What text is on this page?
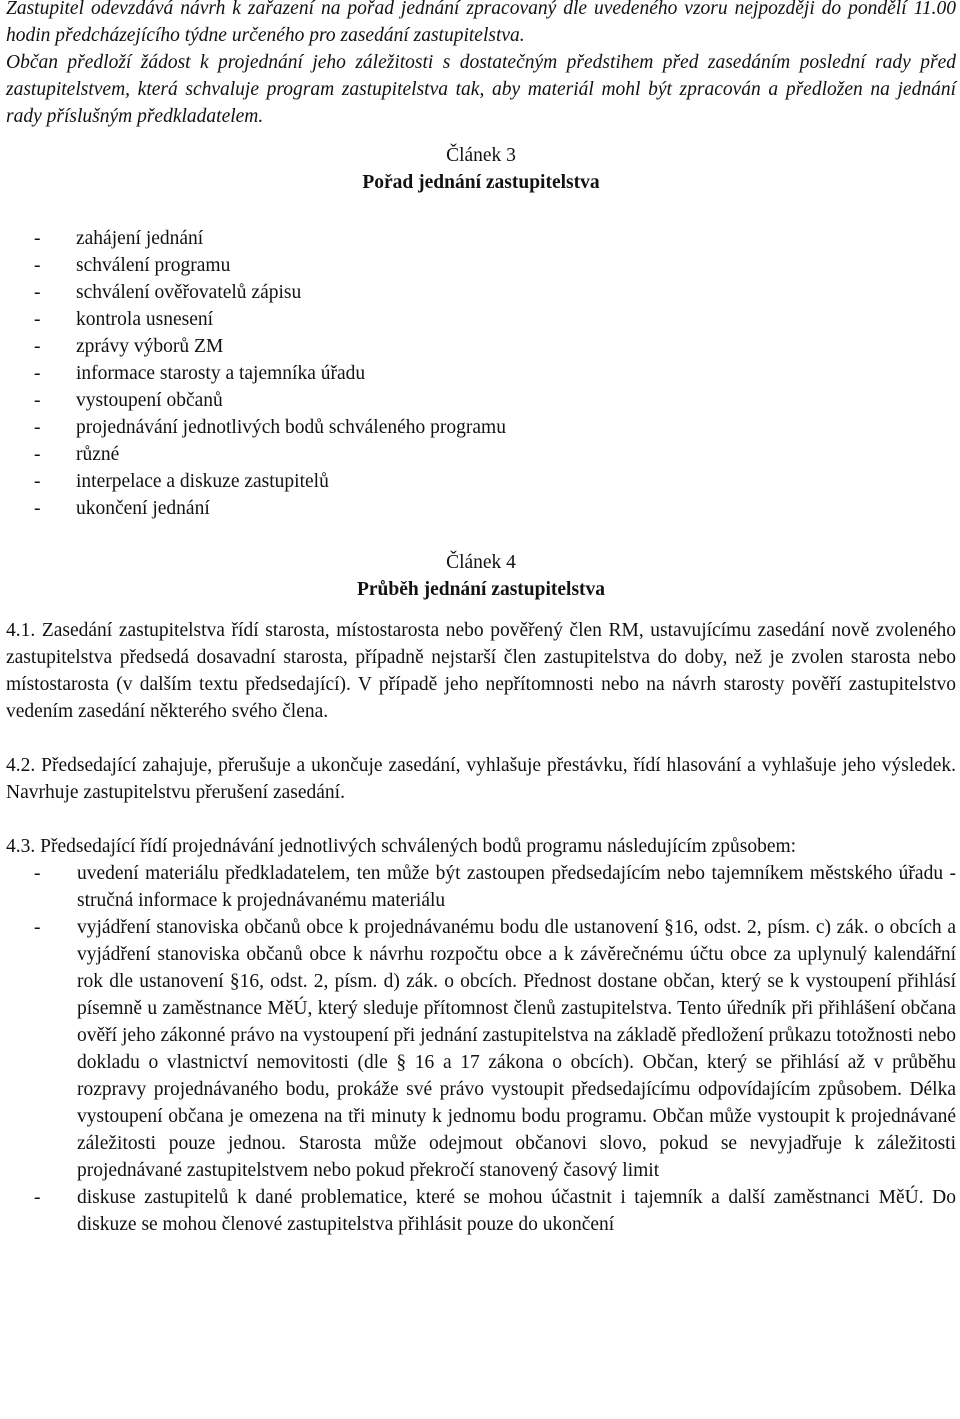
Zastupitel odevzdává návrh k zařazení na pořad jednání zpracovaný dle uvedeného vzoru nejpozději do pondělí 11.00 hodin předcházejícího týdne určeného pro zasedání zastupitelstva.

Občan předloží žádost k projednání jeho záležitosti s dostatečným předstihem před zasedáním poslední rady před zastupitelstvem, která schvaluje program zastupitelstva tak, aby materiál mohl být zpracován a předložen na jednání rady příslušným předkladatelem.

Článek 3
Pořad jednání zastupitelstva
- zahájení jednání
- schválení programu
- schválení ověřovatelů zápisu
- kontrola usnesení
- zprávy výborů ZM
- informace starosty a tajemníka úřadu
- vystoupení občanů
- projednávání jednotlivých bodů schváleného programu
- různé
- interpelace a diskuze zastupitelů
- ukončení jednání
Článek 4
Průběh jednání zastupitelstva

4.1. Zasedání zastupitelstva řídí starosta, místostarosta nebo pověřený člen RM, ustavujícímu zasedání nově zvoleného zastupitelstva předsedá dosavadní starosta, případně nejstarší člen zastupitelstva do doby, než je zvolen starosta nebo místostarosta (v dalším textu předsedající). V případě jeho nepřítomnosti nebo na návrh starosty pověří zastupitelstvo vedením zasedání některého svého člena.

4.2. Předsedající zahajuje, přerušuje a ukončuje zasedání, vyhlašuje přestávku, řídí hlasování a vyhlašuje jeho výsledek. Navrhuje zastupitelstvu přerušení zasedání.

4.3. Předsedající řídí projednávání jednotlivých schválených bodů programu následujícím způsobem:

- uvedení materiálu předkladatelem, ten může být zastoupen předsedajícím nebo tajemníkem městského úřadu - stručná informace k projednávanému materiálu
- vyjádření stanoviska občanů obce k projednávanému bodu dle ustanovení §16, odst. 2, písm. c) zák. o obcích a vyjádření stanoviska občanů obce k návrhu rozpočtu obce a k závěrečnému účtu obce za uplynulý kalendářní rok dle ustanovení §16, odst. 2, písm. d) zák. o obcích. Přednost dostane občan, který se k vystoupení přihlásí písemně u zaměstnance MěÚ, který sleduje přítomnost členů zastupitelstva. Tento úředník při přihlášení občana ověří jeho zákonné právo na vystoupení při jednání zastupitelstva na základě předložení průkazu totožnosti nebo dokladu o vlastnictví nemovitosti (dle § 16 a 17 zákona o obcích). Občan, který se přihlásí až v průběhu rozpravy projednávaného bodu, prokáže své právo vystoupit předsedajícímu odpovídajícím způsobem. Délka vystoupení občana je omezena na tři minuty k jednomu bodu programu. Občan může vystoupit k projednávané záležitosti pouze jednou. Starosta může odejmout občanovi slovo, pokud se nevyjadřuje k záležitosti projednávané zastupitelstvem nebo pokud překročí stanovený časový limit
- diskuse zastupitelů k dané problematice, které se mohou účastnit i tajemník a další zaměstnanci MěÚ. Do diskuze se mohou členové zastupitelstva přihlásit pouze do ukončení
